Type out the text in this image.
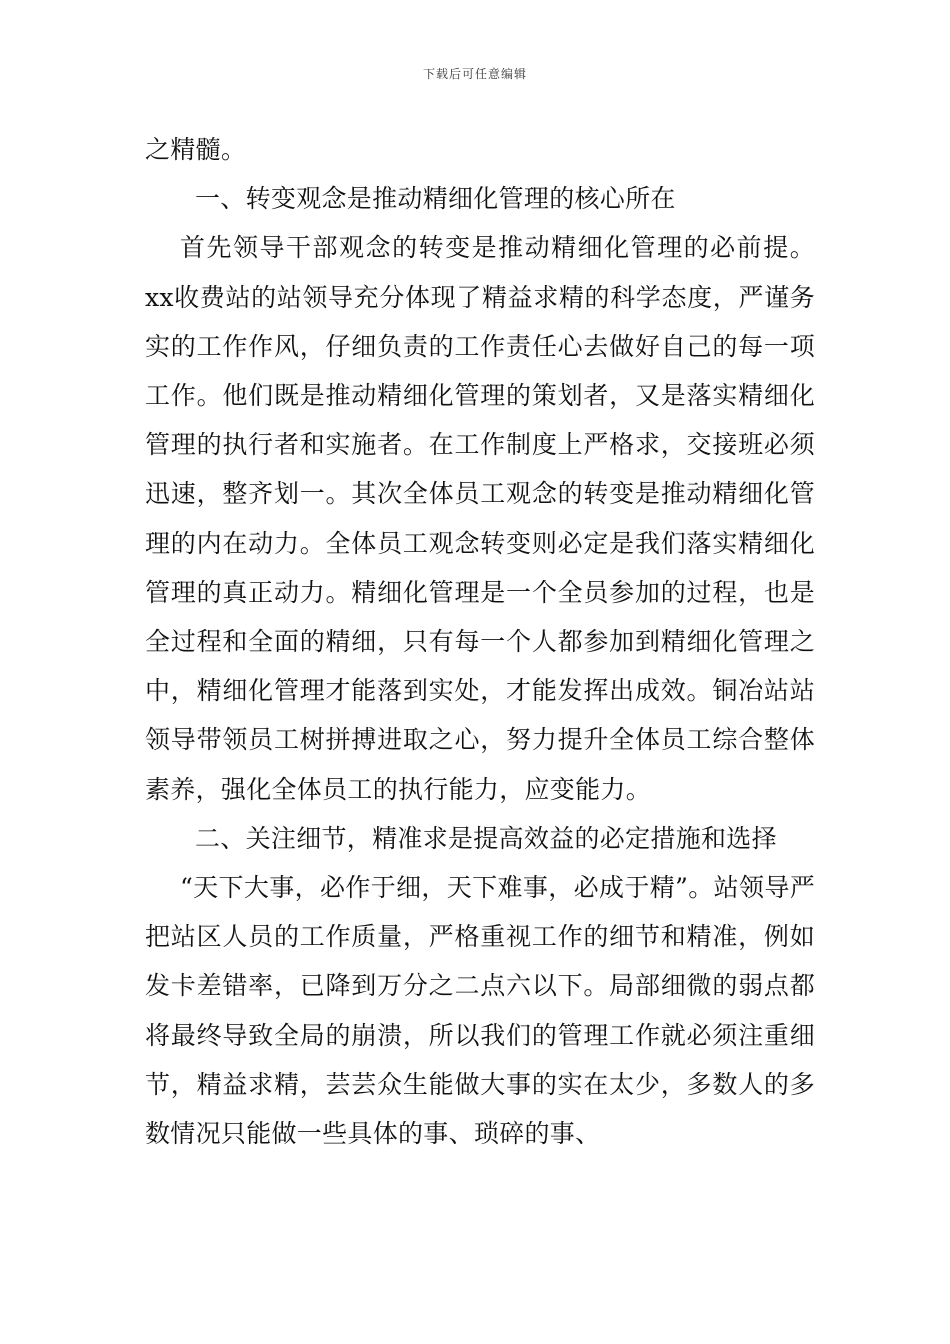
下载后可任意编辑

之精髓。

一、转变观念是推动精细化管理的核心所在

首先领导干部观念的转变是推动精细化管理的必前提。xx收费站的站领导充分体现了精益求精的科学态度，严谨务实的工作作风，仔细负责的工作责任心去做好自己的每一项工作。他们既是推动精细化管理的策划者，又是落实精细化管理的执行者和实施者。在工作制度上严格求，交接班必须迅速，整齐划一。其次全体员工观念的转变是推动精细化管理的内在动力。全体员工观念转变则必定是我们落实精细化管理的真正动力。精细化管理是一个全员参加的过程，也是全过程和全面的精细，只有每一个人都参加到精细化管理之中，精细化管理才能落到实处，才能发挥出成效。铜冶站站领导带领员工树拼搏进取之心，努力提升全体员工综合整体素养，强化全体员工的执行能力，应变能力。

二、关注细节，精准求是提高效益的必定措施和选择

“天下大事，必作于细，天下难事，必成于精”。站领导严把站区人员的工作质量，严格重视工作的细节和精准，例如发卡差错率，已降到万分之二点六以下。局部细微的弱点都将最终导致全局的崩溃，所以我们的管理工作就必须注重细节，精益求精，芸芸众生能做大事的实在太少，多数人的多数情况只能做一些具体的事、琐碎的事、
